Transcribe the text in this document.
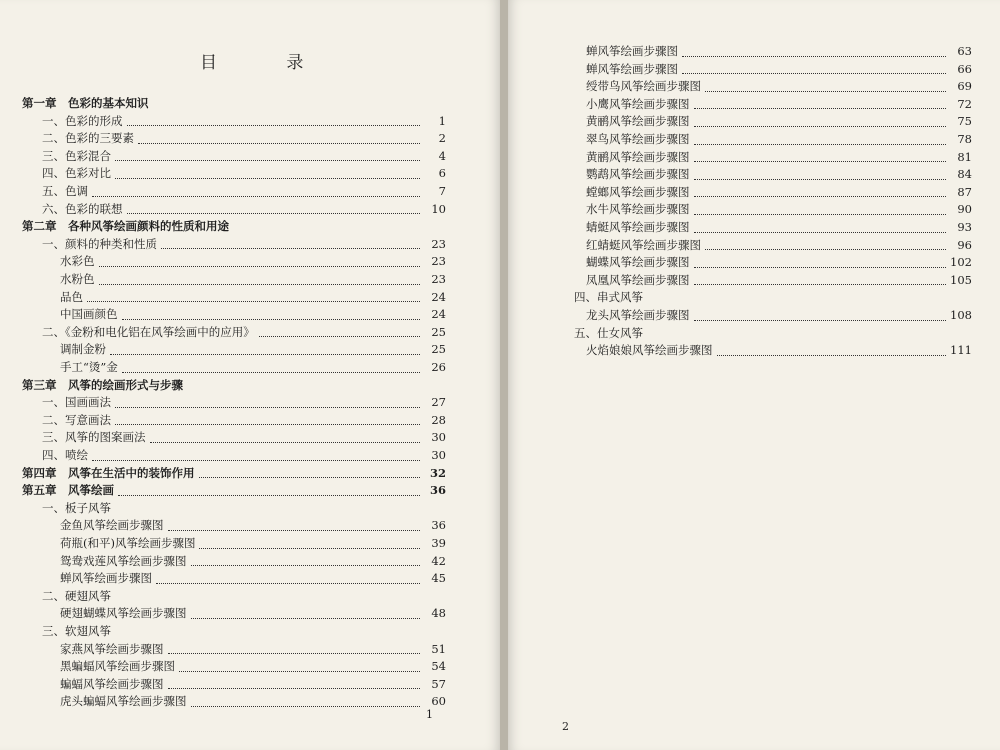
目 录
第一章　色彩的基本知识
一、色彩的形成	1
二、色彩的三要素	2
三、色彩混合	4
四、色彩对比	6
五、色调	7
六、色彩的联想	10
第二章　各种风筝绘画颜料的性质和用途
一、颜料的种类和性质	23
水彩色	23
水粉色	23
品色	24
中国画颜色	24
二、《金粉和电化铝在风筝绘画中的应用》	25
调制金粉	25
手工“烫”金	26
第三章　风筝的绘画形式与步骤
一、国画画法	27
二、写意画法	28
三、风筝的图案画法	30
四、喷绘	30
第四章　风筝在生活中的装饰作用	32
第五章　风筝绘画	36
一、板子风筝
金鱼风筝绘画步骤图	36
荷瓶(和平)风筝绘画步骤图	39
鸳鸯戏莲风筝绘画步骤图	42
蝉风筝绘画步骤图	45
二、硬翅风筝
硬翅蝴蝶风筝绘画步骤图	48
三、软翅风筝
家燕风筝绘画步骤图	51
黑蝙蝠风筝绘画步骤图	54
蝙蝠风筝绘画步骤图	57
虎头蝙蝠风筝绘画步骤图	60
1
蝉风筝绘画步骤图	63
蝉风筝绘画步骤图	66
绶带鸟风筝绘画步骤图	69
小鹰风筝绘画步骤图	72
黄鹂风筝绘画步骤图	75
翠鸟风筝绘画步骤图	78
黄鹂风筝绘画步骤图	81
鹦鹉风筝绘画步骤图	84
螳螂风筝绘画步骤图	87
水牛风筝绘画步骤图	90
蜻蜓风筝绘画步骤图	93
红蜻蜓风筝绘画步骤图	96
蝴蝶风筝绘画步骤图	102
凤凰风筝绘画步骤图	105
四、串式风筝
龙头风筝绘画步骤图	108
五、仕女风筝
火焰娘娘风筝绘画步骤图	111
2
